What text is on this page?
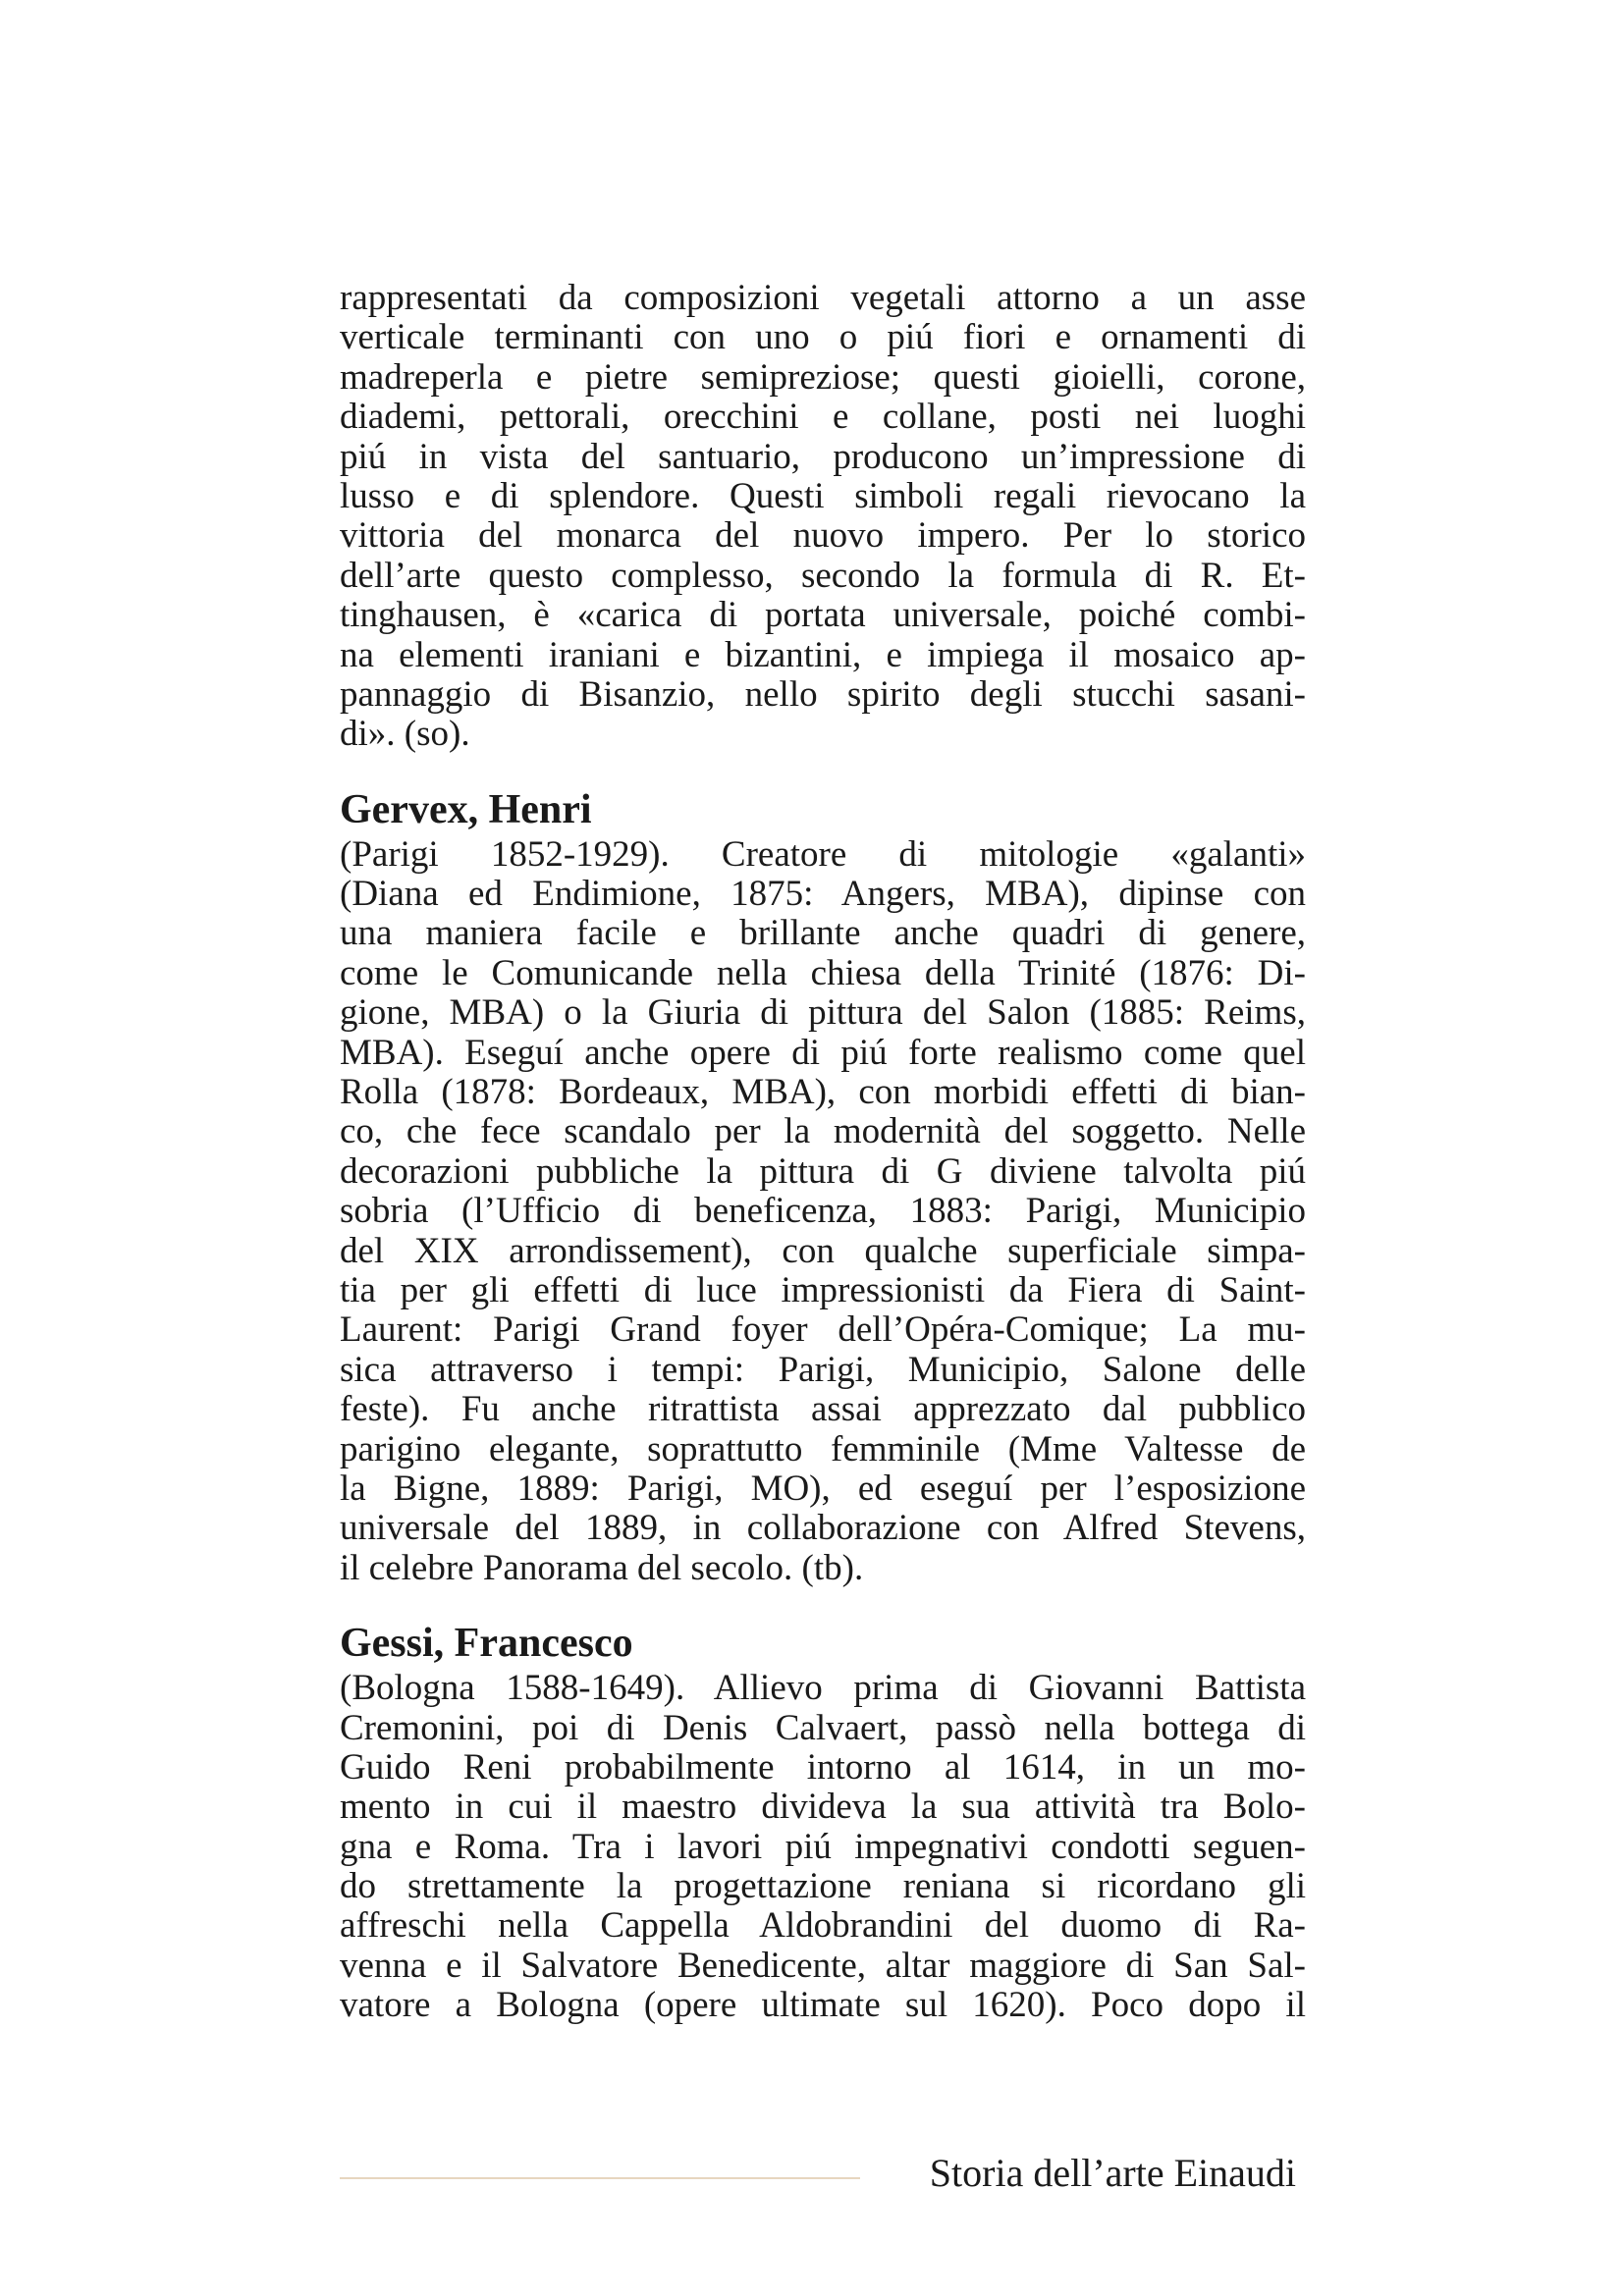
rappresentati da composizioni vegetali attorno a un asse
verticale terminanti con uno o piú fiori e ornamenti di
madreperla e pietre semipreziose; questi gioielli, corone,
diademi, pettorali, orecchini e collane, posti nei luoghi
piú in vista del santuario, producono un’impressione di
lusso e di splendore. Questi simboli regali rievocano la
vittoria del monarca del nuovo impero. Per lo storico
dell’arte questo complesso, secondo la formula di R. Et-
tinghausen, è «carica di portata universale, poiché combi-
na elementi iraniani e bizantini, e impiega il mosaico ap-
pannaggio di Bisanzio, nello spirito degli stucchi sasani-
di». (so).
Gervex, Henri
(Parigi 1852-1929). Creatore di mitologie «galanti»
(Diana ed Endimione, 1875: Angers, MBA), dipinse con
una maniera facile e brillante anche quadri di genere,
come le Comunicande nella chiesa della Trinité (1876: Di-
gione, MBA) o la Giuria di pittura del Salon (1885: Reims,
MBA). Eseguí anche opere di piú forte realismo come quel
Rolla (1878: Bordeaux, MBA), con morbidi effetti di bian-
co, che fece scandalo per la modernità del soggetto. Nelle
decorazioni pubbliche la pittura di G diviene talvolta piú
sobria (l’Ufficio di beneficenza, 1883: Parigi, Municipio
del XIX arrondissement), con qualche superficiale simpa-
tia per gli effetti di luce impressionisti da Fiera di Saint-
Laurent: Parigi Grand foyer dell’Opéra-Comique; La mu-
sica attraverso i tempi: Parigi, Municipio, Salone delle
feste). Fu anche ritrattista assai apprezzato dal pubblico
parigino elegante, soprattutto femminile (Mme Valtesse de
la Bigne, 1889: Parigi, MO), ed eseguí per l’esposizione
universale del 1889, in collaborazione con Alfred Stevens,
il celebre Panorama del secolo. (tb).
Gessi, Francesco
(Bologna 1588-1649). Allievo prima di Giovanni Battista
Cremonini, poi di Denis Calvaert, passò nella bottega di
Guido Reni probabilmente intorno al 1614, in un mo-
mento in cui il maestro divideva la sua attività tra Bolo-
gna e Roma. Tra i lavori piú impegnativi condotti seguen-
do strettamente la progettazione reniana si ricordano gli
affreschi nella Cappella Aldobrandini del duomo di Ra-
venna e il Salvatore Benedicente, altar maggiore di San Sal-
vatore a Bologna (opere ultimate sul 1620). Poco dopo il
Storia dell’arte Einaudi
